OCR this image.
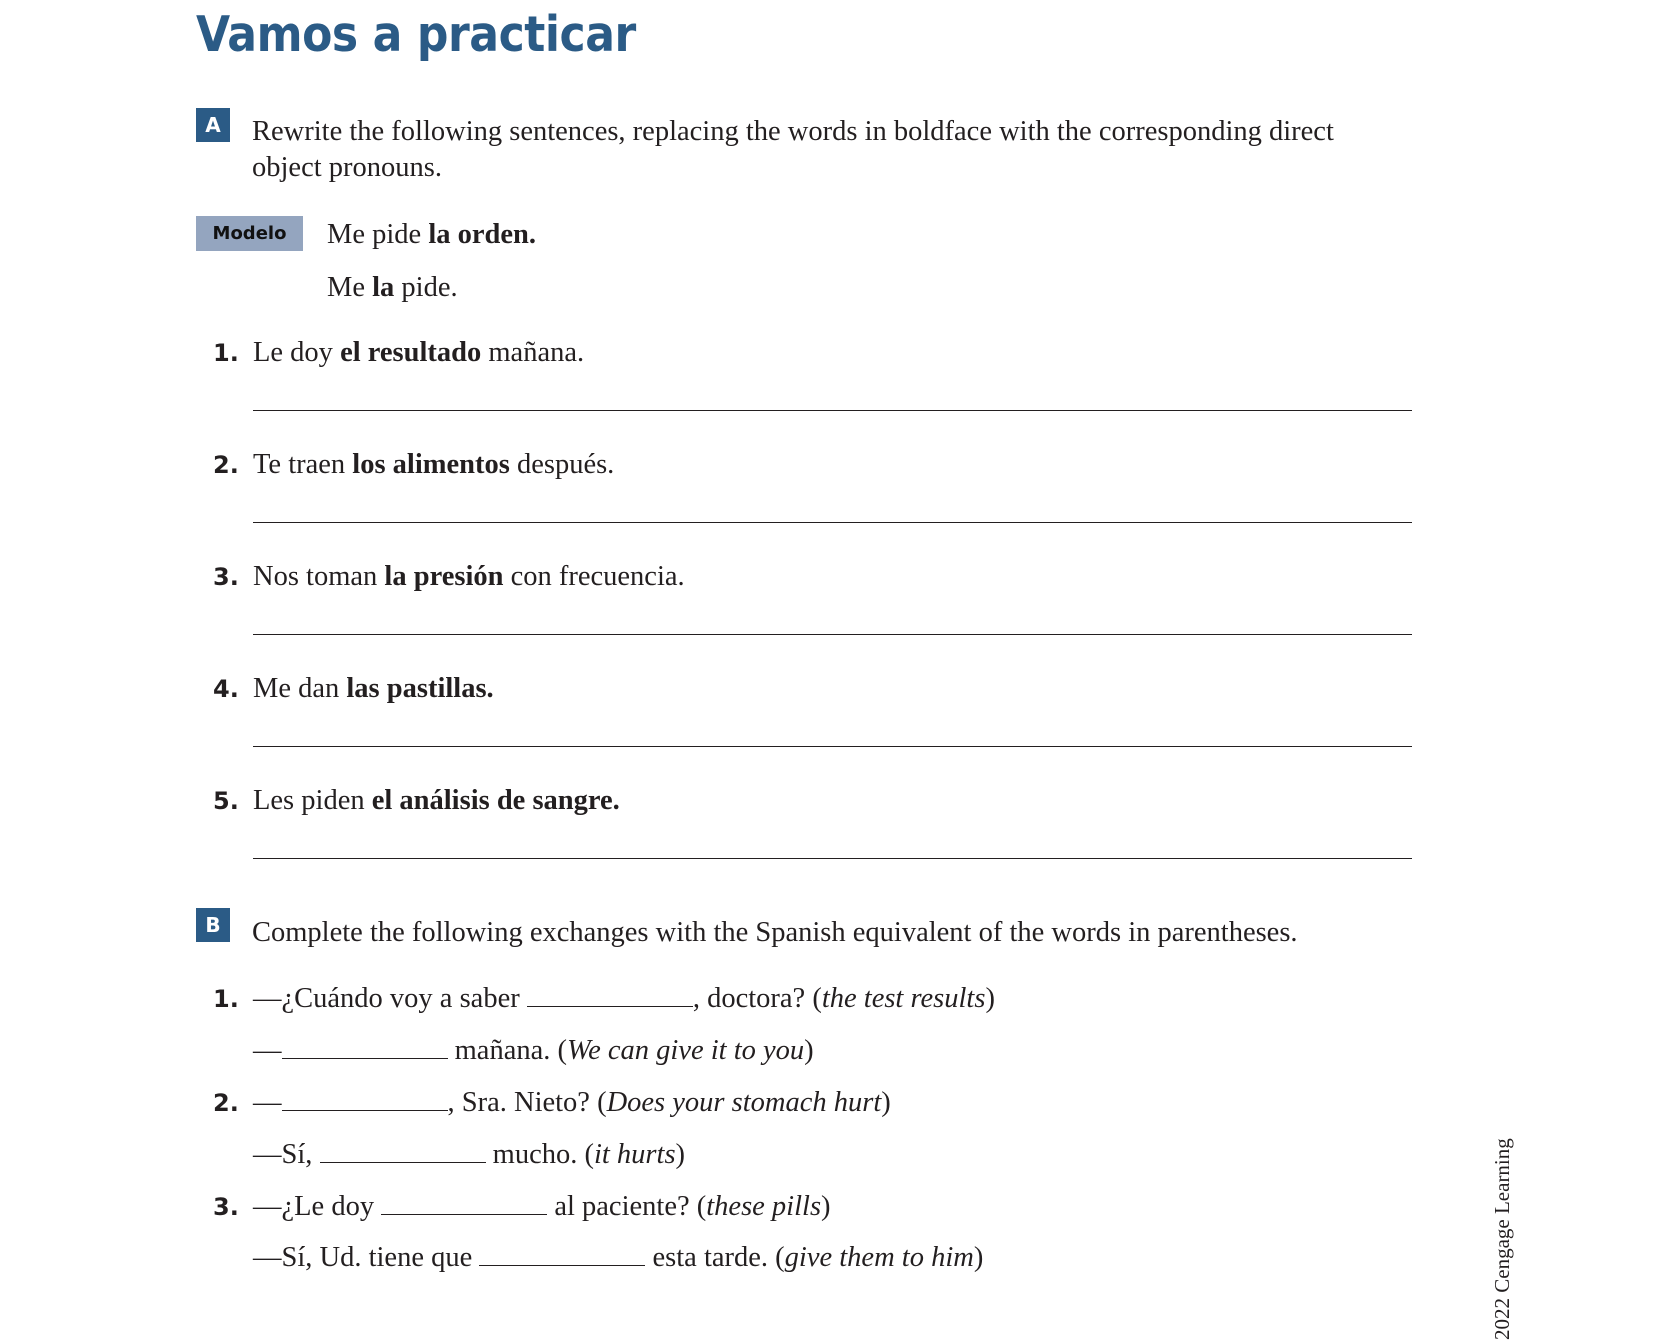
Vamos a practicar
A	Rewrite the following sentences, replacing the words in boldface with the corresponding direct
object pronouns.

Modelo	Me pide la orden.

Me la pide.

1. Le doy el resultado mañana.

2. Te traen los alimentos después.

3. Nos toman la presión con frecuencia.

4. Me dan las pastillas.

5. Les piden el análisis de sangre.

B	Complete the following exchanges with the Spanish equivalent of the words in parentheses.

1. —¿Cuándo voy a saber	, doctora? (the test results)

—	mañana. (We can give it to you)

2. —	, Sra. Nieto? (Does your stomach hurt)

—Sí,	mucho. (it hurts)

3. —¿Le doy	al paciente? (these pills)

—Sí, Ud. tiene que	esta tarde. (give them to him)	2022 Cengage Learning
